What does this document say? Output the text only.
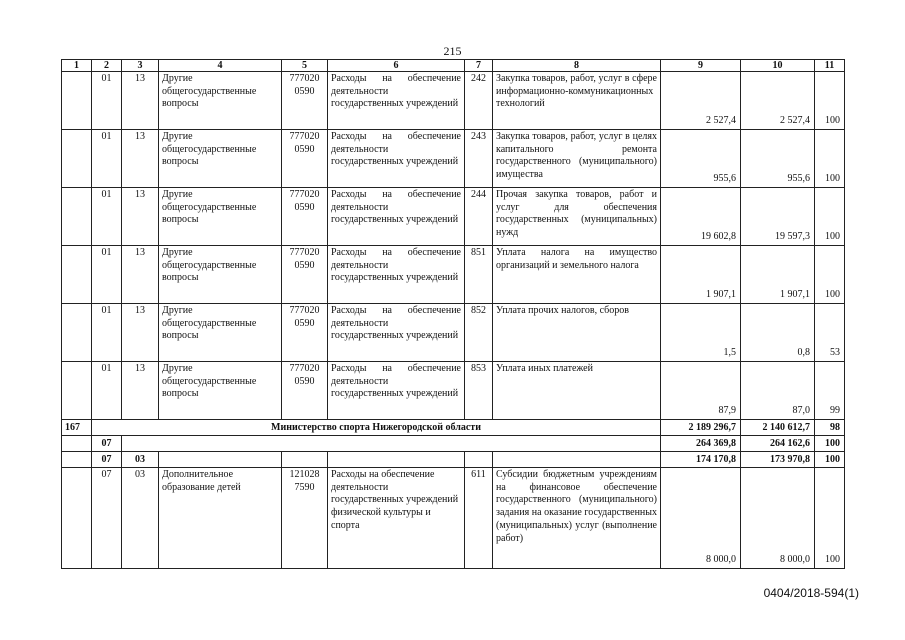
215
1	2	3	4	5	6	7	8	9	10	11
	01	13	Другие общегосударственные вопросы	777020 0590	Расходы на обеспечение деятельности государственных учреждений	242	Закупка товаров, работ, услуг в сфере информационно-коммуникационных технологий	2 527,4	2 527,4	100
	01	13	Другие общегосударственные вопросы	777020 0590	Расходы на обеспечение деятельности государственных учреждений	243	Закупка товаров, работ, услуг в целях капитального ремонта государственного (муниципального) имущества	955,6	955,6	100
	01	13	Другие общегосударственные вопросы	777020 0590	Расходы на обеспечение деятельности государственных учреждений	244	Прочая закупка товаров, работ и услуг для обеспечения государственных (муниципальных) нужд	19 602,8	19 597,3	100
	01	13	Другие общегосударственные вопросы	777020 0590	Расходы на обеспечение деятельности государственных учреждений	851	Уплата налога на имущество организаций и земельного налога	1 907,1	1 907,1	100
	01	13	Другие общегосударственные вопросы	777020 0590	Расходы на обеспечение деятельности государственных учреждений	852	Уплата прочих налогов, сборов	1,5	0,8	53
	01	13	Другие общегосударственные вопросы	777020 0590	Расходы на обеспечение деятельности государственных учреждений	853	Уплата иных платежей	87,9	87,0	99
167	Министерство спорта Нижегородской области							2 189 296,7	2 140 612,7	98
	07							264 369,8	264 162,6	100
	07	03						174 170,8	173 970,8	100
	07	03	Дополнительное образование детей	121028 7590	Расходы на обеспечение деятельности государственных учреждений физической культуры и спорта	611	Субсидии бюджетным учреждениям на финансовое обеспечение государственного (муниципального) задания на оказание государственных (муниципальных) услуг (выполнение работ)	8 000,0	8 000,0	100
0404/2018-594(1)
